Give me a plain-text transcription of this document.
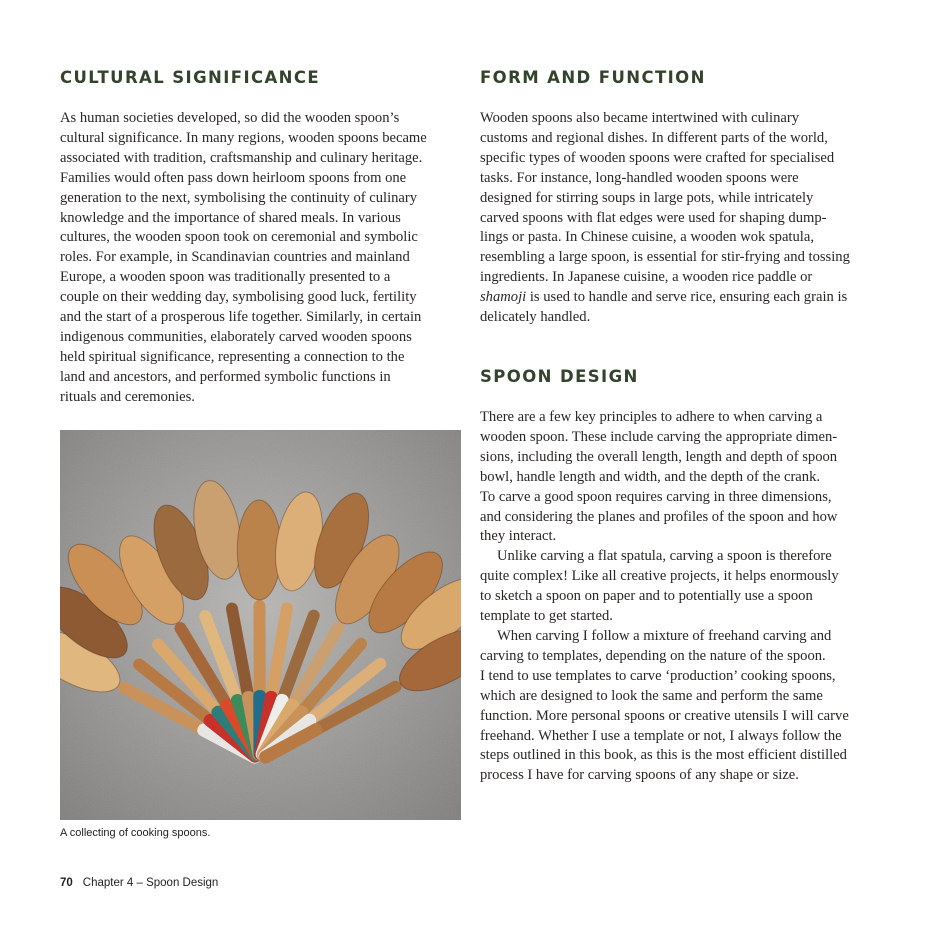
CULTURAL SIGNIFICANCE
As human societies developed, so did the wooden spoon’s
cultural significance. In many regions, wooden spoons became
associated with tradition, craftsmanship and culinary heritage.
Families would often pass down heirloom spoons from one
generation to the next, symbolising the continuity of culinary
knowledge and the importance of shared meals. In various
cultures, the wooden spoon took on ceremonial and symbolic
roles. For example, in Scandinavian countries and mainland
Europe, a wooden spoon was traditionally presented to a
couple on their wedding day, symbolising good luck, fertility
and the start of a prosperous life together. Similarly, in certain
indigenous communities, elaborately carved wooden spoons
held spiritual significance, representing a connection to the
land and ancestors, and performed symbolic functions in
rituals and ceremonies.
FORM AND FUNCTION
Wooden spoons also became intertwined with culinary
customs and regional dishes. In different parts of the world,
specific types of wooden spoons were crafted for specialised
tasks. For instance, long-handled wooden spoons were
designed for stirring soups in large pots, while intricately
carved spoons with flat edges were used for shaping dump-
lings or pasta. In Chinese cuisine, a wooden wok spatula,
resembling a large spoon, is essential for stir-frying and tossing
ingredients. In Japanese cuisine, a wooden rice paddle or
shamoji is used to handle and serve rice, ensuring each grain is
delicately handled.
SPOON DESIGN
There are a few key principles to adhere to when carving a
wooden spoon. These include carving the appropriate dimen-
sions, including the overall length, length and depth of spoon
bowl, handle length and width, and the depth of the crank.
To carve a good spoon requires carving in three dimensions,
and considering the planes and profiles of the spoon and how
they interact.
Unlike carving a flat spatula, carving a spoon is therefore
quite complex! Like all creative projects, it helps enormously
to sketch a spoon on paper and to potentially use a spoon
template to get started.
When carving I follow a mixture of freehand carving and
carving to templates, depending on the nature of the spoon.
I tend to use templates to carve ‘production’ cooking spoons,
which are designed to look the same and perform the same
function. More personal spoons or creative utensils I will carve
freehand. Whether I use a template or not, I always follow the
steps outlined in this book, as this is the most efficient distilled
process I have for carving spoons of any shape or size.
A collecting of cooking spoons.
70 Chapter 4 – Spoon Design
